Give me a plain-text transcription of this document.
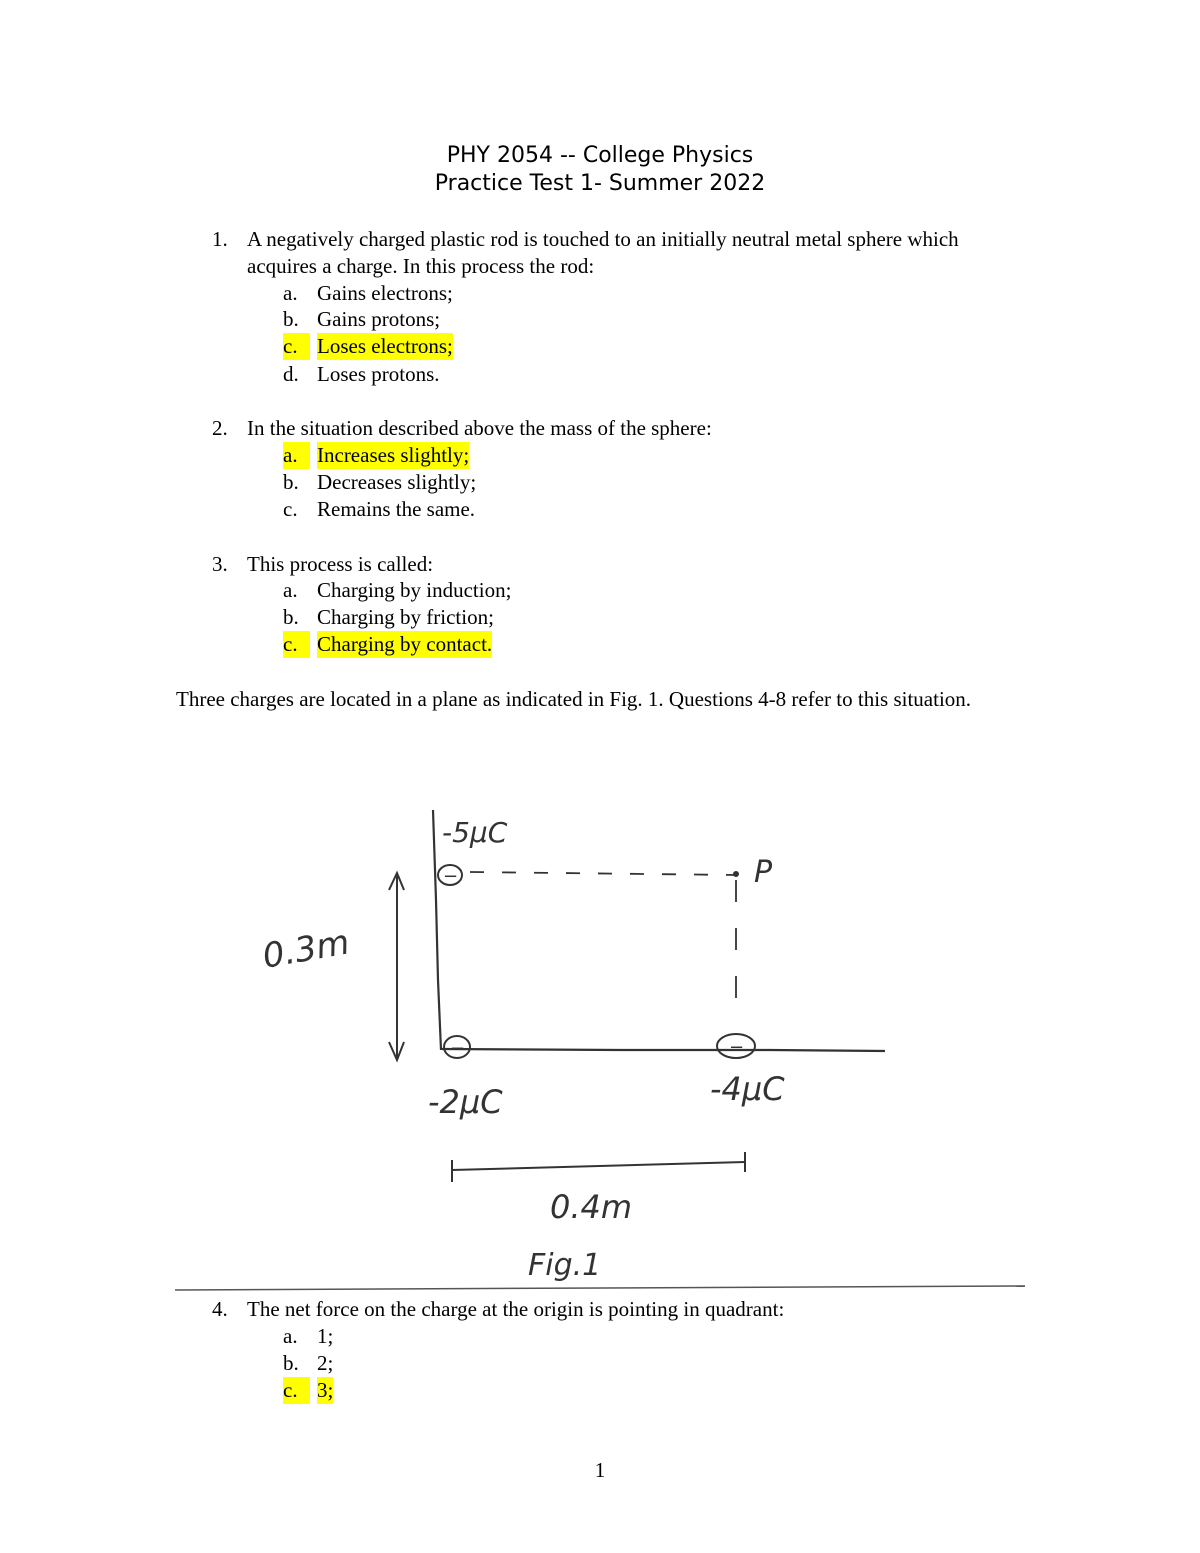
PHY 2054 -- College Physics
Practice Test 1- Summer 2022
1. A negatively charged plastic rod is touched to an initially neutral metal sphere which acquires a charge. In this process the rod:
a. Gains electrons;
b. Gains protons;
c. Loses electrons;
d. Loses protons.
2. In the situation described above the mass of the sphere:
a. Increases slightly;
b. Decreases slightly;
c. Remains the same.
3. This process is called:
a. Charging by induction;
b. Charging by friction;
c. Charging by contact.
Three charges are located in a plane as indicated in Fig. 1. Questions 4-8 refer to this situation.
P
−
-5μC
−
-2μC
−
-4μC
0.3m
0.4m
Fig.1
4. The net force on the charge at the origin is pointing in quadrant:
a. 1;
b. 2;
c. 3;
1
